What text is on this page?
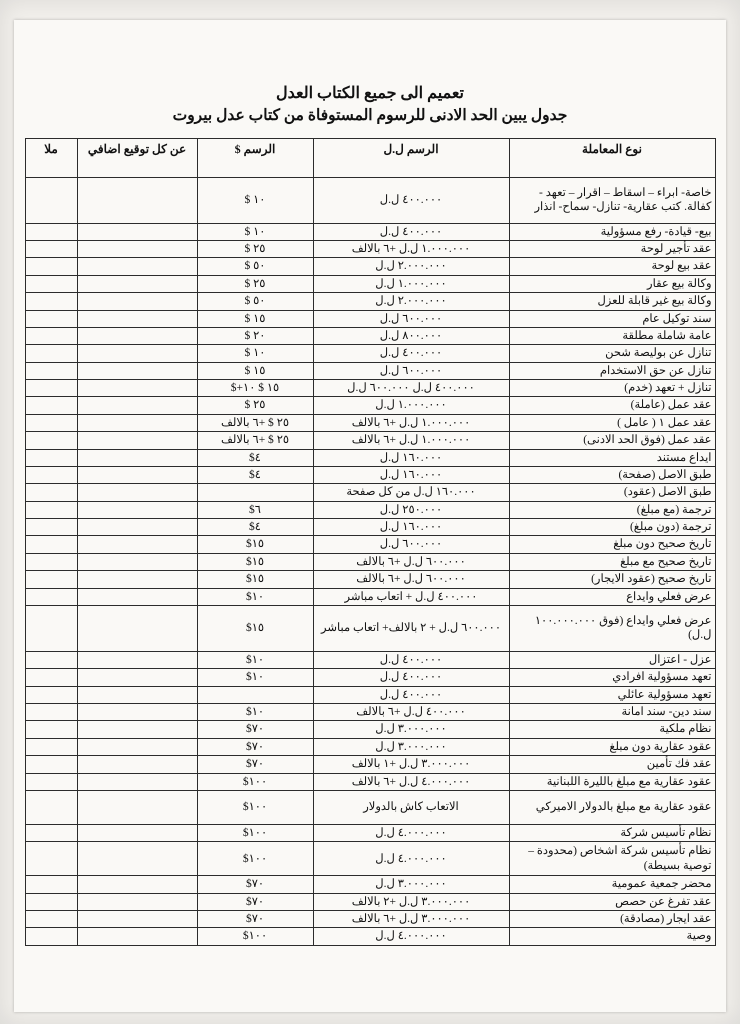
تعميم الى جميع الكتاب العدل
جدول يبين الحد الادنى للرسوم المستوفاة من كتاب عدل بيروت
نوع المعاملة	الرسم ل.ل	الرسم $	عن كل توقيع اضافي	ملا
خاصة- ابراء – اسقاط – اقرار – تعهد - كفالة. كتب عقارية- تنازل- سماح- انذار	٤٠٠.٠٠٠ ل.ل	١٠ $		
بيع- قيادة- رفع مسؤولية	٤٠٠.٠٠٠ ل.ل	١٠ $		
عقد تأجير لوحة	١.٠٠٠.٠٠٠ ل.ل +٦ بالالف	٢٥ $		
عقد بيع لوحة	٢.٠٠٠.٠٠٠ ل.ل	٥٠ $		
وكالة بيع عقار	١.٠٠٠.٠٠٠ ل.ل	٢٥ $		
وكالة بيع غير قابلة للعزل	٢.٠٠٠.٠٠٠ ل.ل	٥٠ $		
سند توكيل عام	٦٠٠.٠٠٠ ل.ل	١٥ $		
عامة شاملة مطلقة	٨٠٠.٠٠٠ ل.ل	٢٠ $		
تنازل عن بوليصة شحن	٤٠٠.٠٠٠ ل.ل	١٠ $		
تنازل عن حق الاستخدام	٦٠٠.٠٠٠ ل.ل	١٥ $		
تنازل + تعهد (خدم)	٤٠٠.٠٠٠ ل.ل ٦٠٠.٠٠٠ ل.ل	١٥ $ ١٠+$		
عقد عمل (عاملة)	١.٠٠٠.٠٠٠ ل.ل	٢٥ $		
عقد عمل ١ ( عامل )	١.٠٠٠.٠٠٠ ل.ل +٦ بالالف	٢٥ $ +٦ بالالف		
عقد عمل (فوق الحد الادنى)	١.٠٠٠.٠٠٠ ل.ل +٦ بالالف	٢٥ $ +٦ بالالف		
ايداع مستند	١٦٠.٠٠٠ ل.ل	٤$		
طبق الاصل (صفحة)	١٦٠.٠٠٠ ل.ل	٤$		
طبق الاصل (عقود)	١٦٠.٠٠٠ ل.ل من كل صفحة			
ترجمة (مع مبلغ)	٢٥٠.٠٠٠ ل.ل	٦$		
ترجمة (دون مبلغ)	١٦٠.٠٠٠ ل.ل	٤$		
تاريخ صحيح دون مبلغ	٦٠٠.٠٠٠ ل.ل	١٥$		
تاريخ صحيح مع مبلغ	٦٠٠.٠٠٠ ل.ل +٦ بالالف	١٥$		
تاريخ صحيح (عقود الايجار)	٦٠٠.٠٠٠ ل.ل +٦ بالالف	١٥$		
عرض فعلي وايداع	٤٠٠.٠٠٠ ل.ل + اتعاب مباشر	١٠$		
عرض فعلي وايداع (فوق ١٠٠.٠٠٠.٠٠٠ ل.ل)	٦٠٠.٠٠٠ ل.ل + ٢ بالالف+ اتعاب مباشر	١٥$		
عزل - اعتزال	٤٠٠.٠٠٠ ل.ل	١٠$		
تعهد مسؤولية افرادي	٤٠٠.٠٠٠ ل.ل	١٠$		
تعهد مسؤولية عائلي	٤٠٠.٠٠٠ ل.ل			
سند دين- سند امانة	٤٠٠.٠٠٠ ل.ل +٦ بالالف	١٠$		
نظام ملكية	٣.٠٠٠.٠٠٠ ل.ل	٧٠$		
عقود عقارية دون مبلغ	٣.٠٠٠.٠٠٠ ل.ل	٧٠$		
عقد فك تأمين	٣.٠٠٠.٠٠٠ ل.ل +١ بالالف	٧٠$		
عقود عقارية مع مبلغ بالليرة اللبنانية	٤.٠٠٠.٠٠٠ ل.ل +٦ بالالف	١٠٠$		
عقود عقارية مع مبلغ بالدولار الاميركي	الاتعاب كاش بالدولار	١٠٠$		
نظام تأسيس شركة	٤.٠٠٠.٠٠٠ ل.ل	١٠٠$		
نظام تأسيس شركة اشخاص (محدودة – توصية بسيطة)	٤.٠٠٠.٠٠٠ ل.ل	١٠٠$		
محضر جمعية عمومية	٣.٠٠٠.٠٠٠ ل.ل	٧٠$		
عقد تفرغ عن حصص	٣.٠٠٠.٠٠٠ ل.ل +٢ بالالف	٧٠$		
عقد ايجار (مصادقة)	٣.٠٠٠.٠٠٠ ل.ل +٦ بالالف	٧٠$		
وصية	٤.٠٠٠.٠٠٠ ل.ل	١٠٠$		
